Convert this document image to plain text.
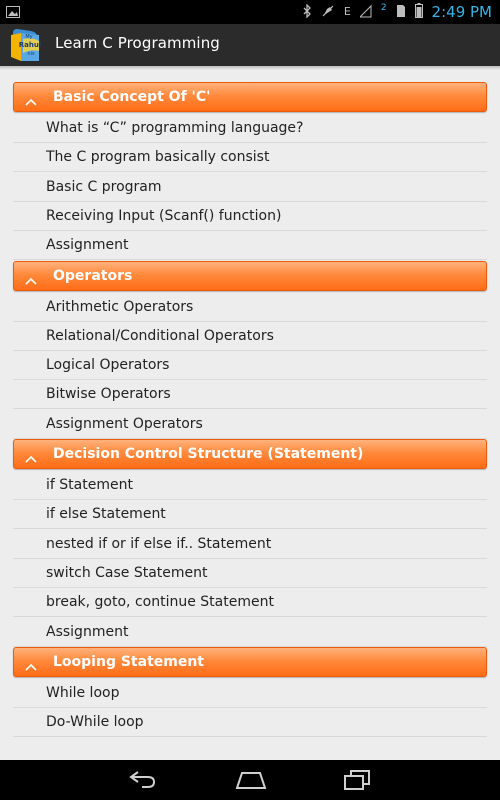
E	2	2:49 PM
My
Rahul
nis
Learn C Programming
Basic Concept Of 'C'
What is “C” programming language?
The C program basically consist
Basic C program
Receiving Input (Scanf() function)
Assignment
Operators
Arithmetic Operators
Relational/Conditional Operators
Logical Operators
Bitwise Operators
Assignment Operators
Decision Control Structure (Statement)
if Statement
if else Statement
nested if or if else if.. Statement
switch Case Statement
break, goto, continue Statement
Assignment
Looping Statement
While loop
Do-While loop
